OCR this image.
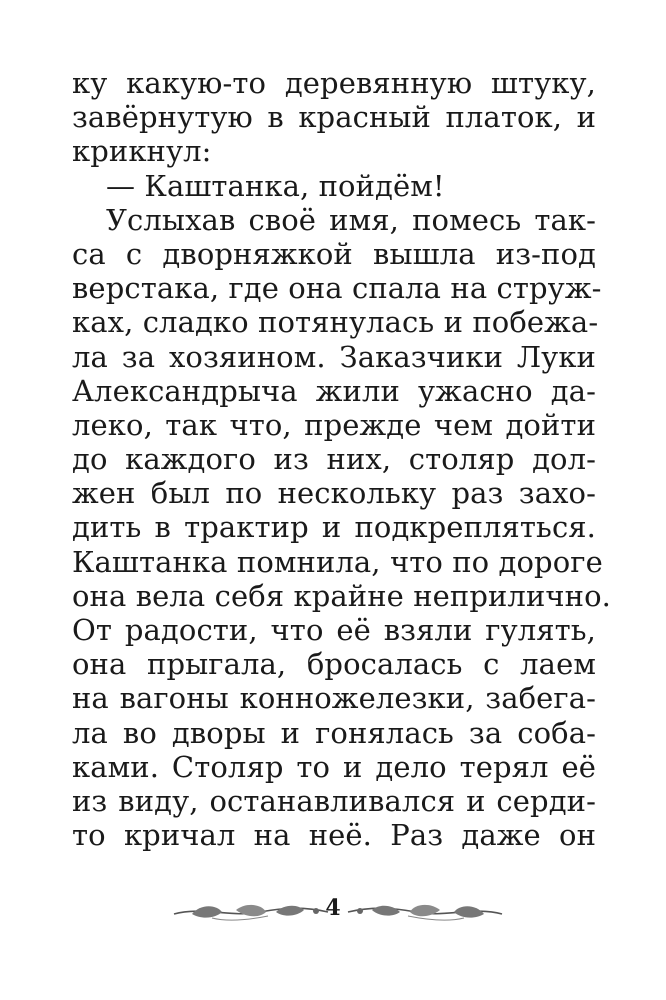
ку какую-то деревянную штуку,
завёрнутую в красный платок, и
крикнул:
— Каштанка, пойдём!
Услыхав своё имя, помесь так-
са с дворняжкой вышла из-под
верстака, где она спала на струж-
ках, сладко потянулась и побежа-
ла за хозяином. Заказчики Луки
Александрыча жили ужасно да-
леко, так что, прежде чем дойти
до каждого из них, столяр дол-
жен был по нескольку раз захо-
дить в трактир и подкрепляться.
Каштанка помнила, что по дороге
она вела себя крайне неприлично.
От радости, что её взяли гулять,
она прыгала, бросалась с лаем
на вагоны конножелезки, забега-
ла во дворы и гонялась за соба-
ками. Столяр то и дело терял её
из виду, останавливался и серди-
то кричал на неё. Раз даже он
4
